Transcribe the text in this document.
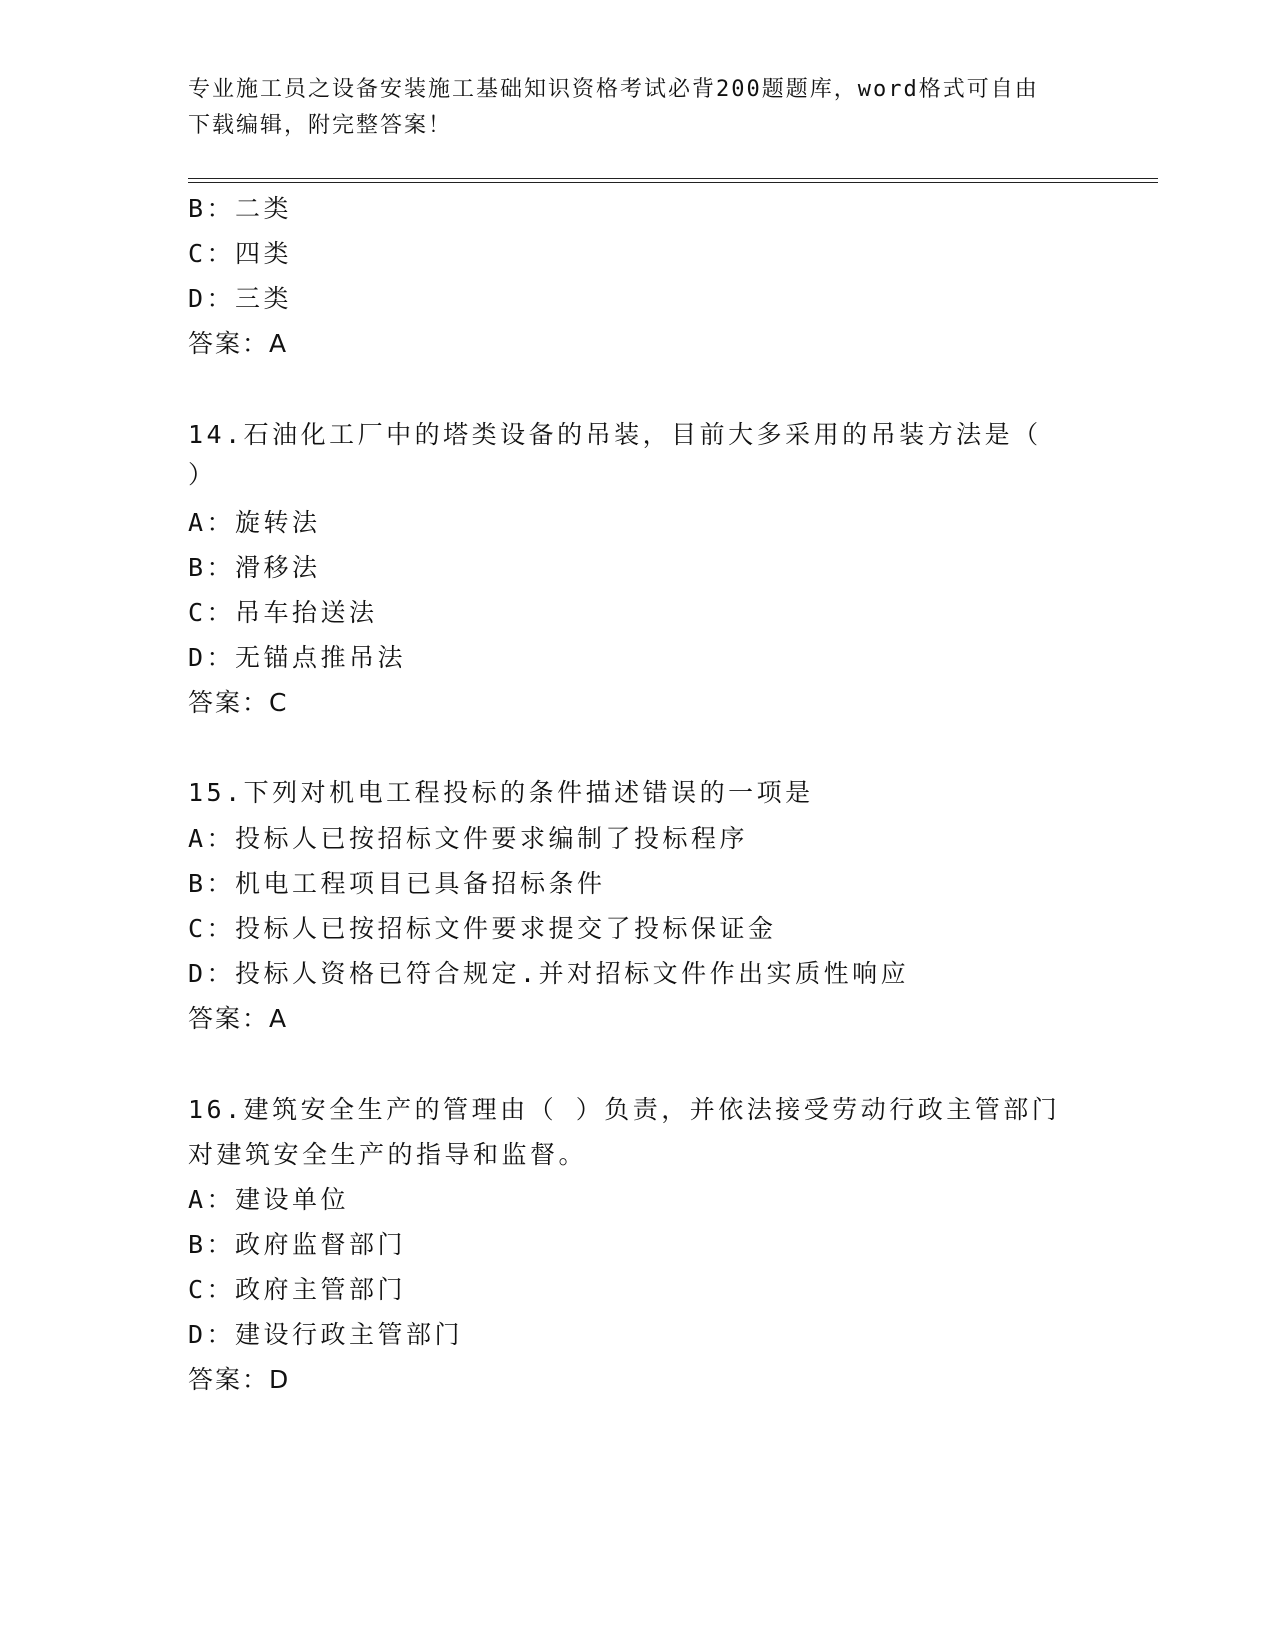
专业施工员之设备安装施工基础知识资格考试必背200题题库，word格式可自由
下载编辑，附完整答案！
B：二类
C：四类
D：三类
答案：A
14.石油化工厂中的塔类设备的吊装，目前大多采用的吊装方法是（
）
A：旋转法
B：滑移法
C：吊车抬送法
D：无锚点推吊法
答案：C
15.下列对机电工程投标的条件描述错误的一项是
A：投标人已按招标文件要求编制了投标程序
B：机电工程项目已具备招标条件
C：投标人已按招标文件要求提交了投标保证金
D：投标人资格已符合规定.并对招标文件作出实质性响应
答案：A
16.建筑安全生产的管理由（ ）负责，并依法接受劳动行政主管部门
对建筑安全生产的指导和监督。
A：建设单位
B：政府监督部门
C：政府主管部门
D：建设行政主管部门
答案：D
